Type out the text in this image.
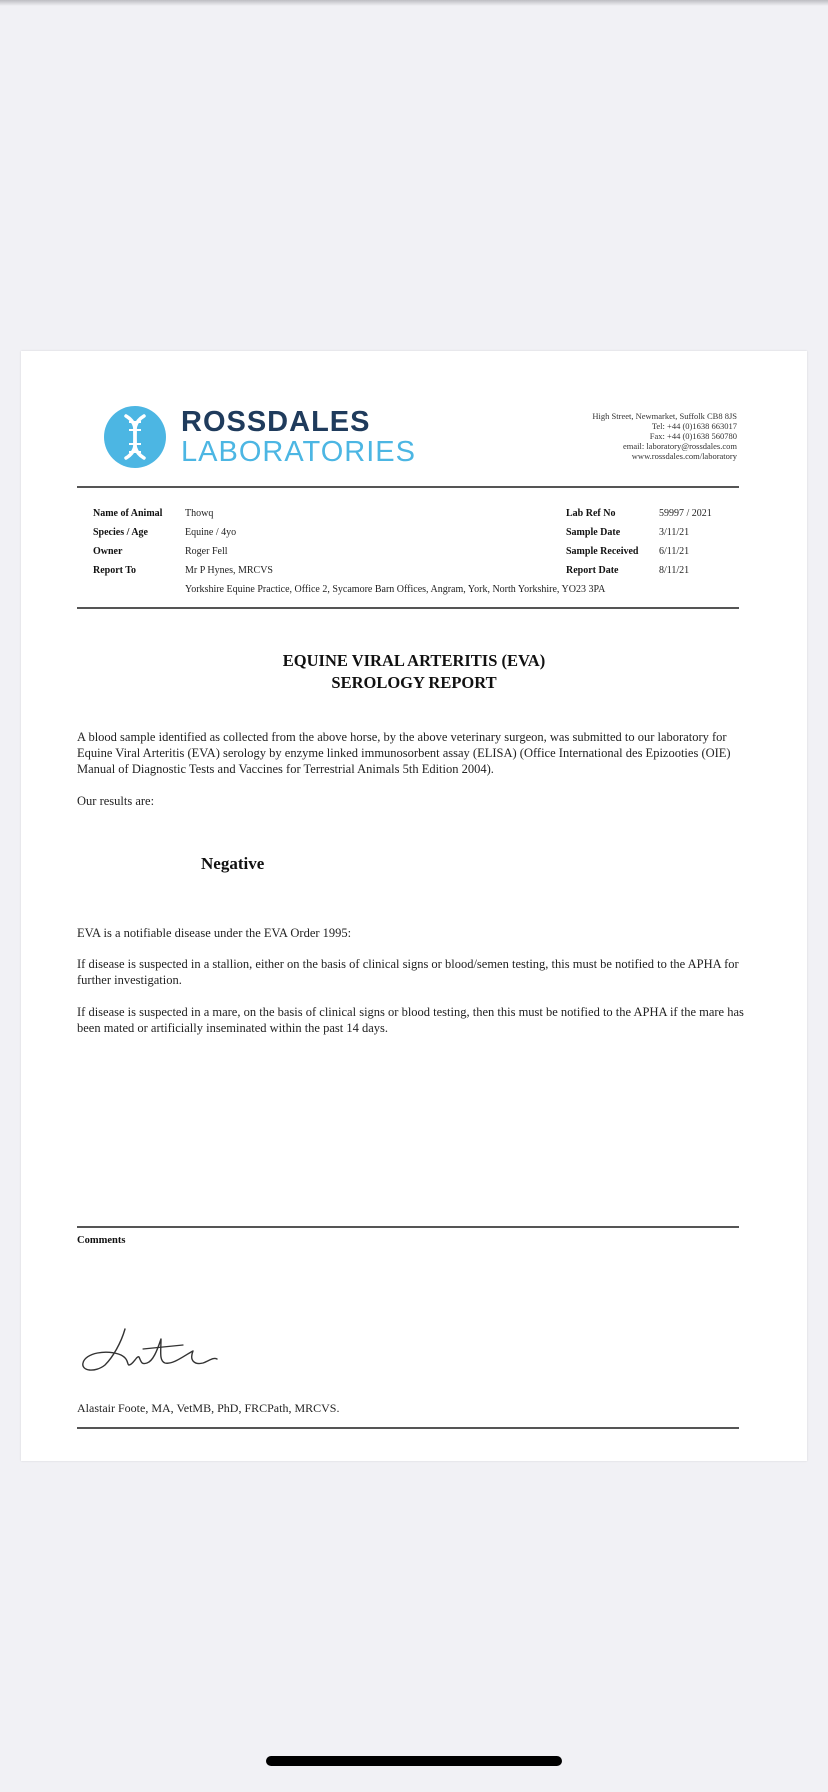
ROSSDALES
LABORATORIES
High Street, Newmarket, Suffolk CB8 8JS
Tel: +44 (0)1638 663017
Fax: +44 (0)1638 560780
email: laboratory@rossdales.com
www.rossdales.com/laboratory
Name of Animal Thowq
Species / Age	Equine / 4yo
Owner	Roger Fell
Report To	Mr P Hynes, MRCVS
Yorkshire Equine Practice, Office 2, Sycamore Barn Offices, Angram, York, North Yorkshire, YO23 3PA
Lab Ref No	59997 / 2021
Sample Date	3/11/21
Sample Received 6/11/21
Report Date	8/11/21
EQUINE VIRAL ARTERITIS (EVA)
SEROLOGY REPORT
A blood sample identified as collected from the above horse, by the above veterinary surgeon, was submitted to our laboratory for Equine Viral Arteritis (EVA) serology by enzyme linked immunosorbent assay (ELISA) (Office International des Epizooties (OIE) Manual of Diagnostic Tests and Vaccines for Terrestrial Animals 5th Edition 2004).
Our results are:
Negative
EVA is a notifiable disease under the EVA Order 1995:
If disease is suspected in a stallion, either on the basis of clinical signs or blood/semen testing, this must be notified to the APHA for further investigation.
If disease is suspected in a mare, on the basis of clinical signs or blood testing, then this must be notified to the APHA if the mare has been mated or artificially inseminated within the past 14 days.
Comments
Alastair Foote, MA, VetMB, PhD, FRCPath, MRCVS.
